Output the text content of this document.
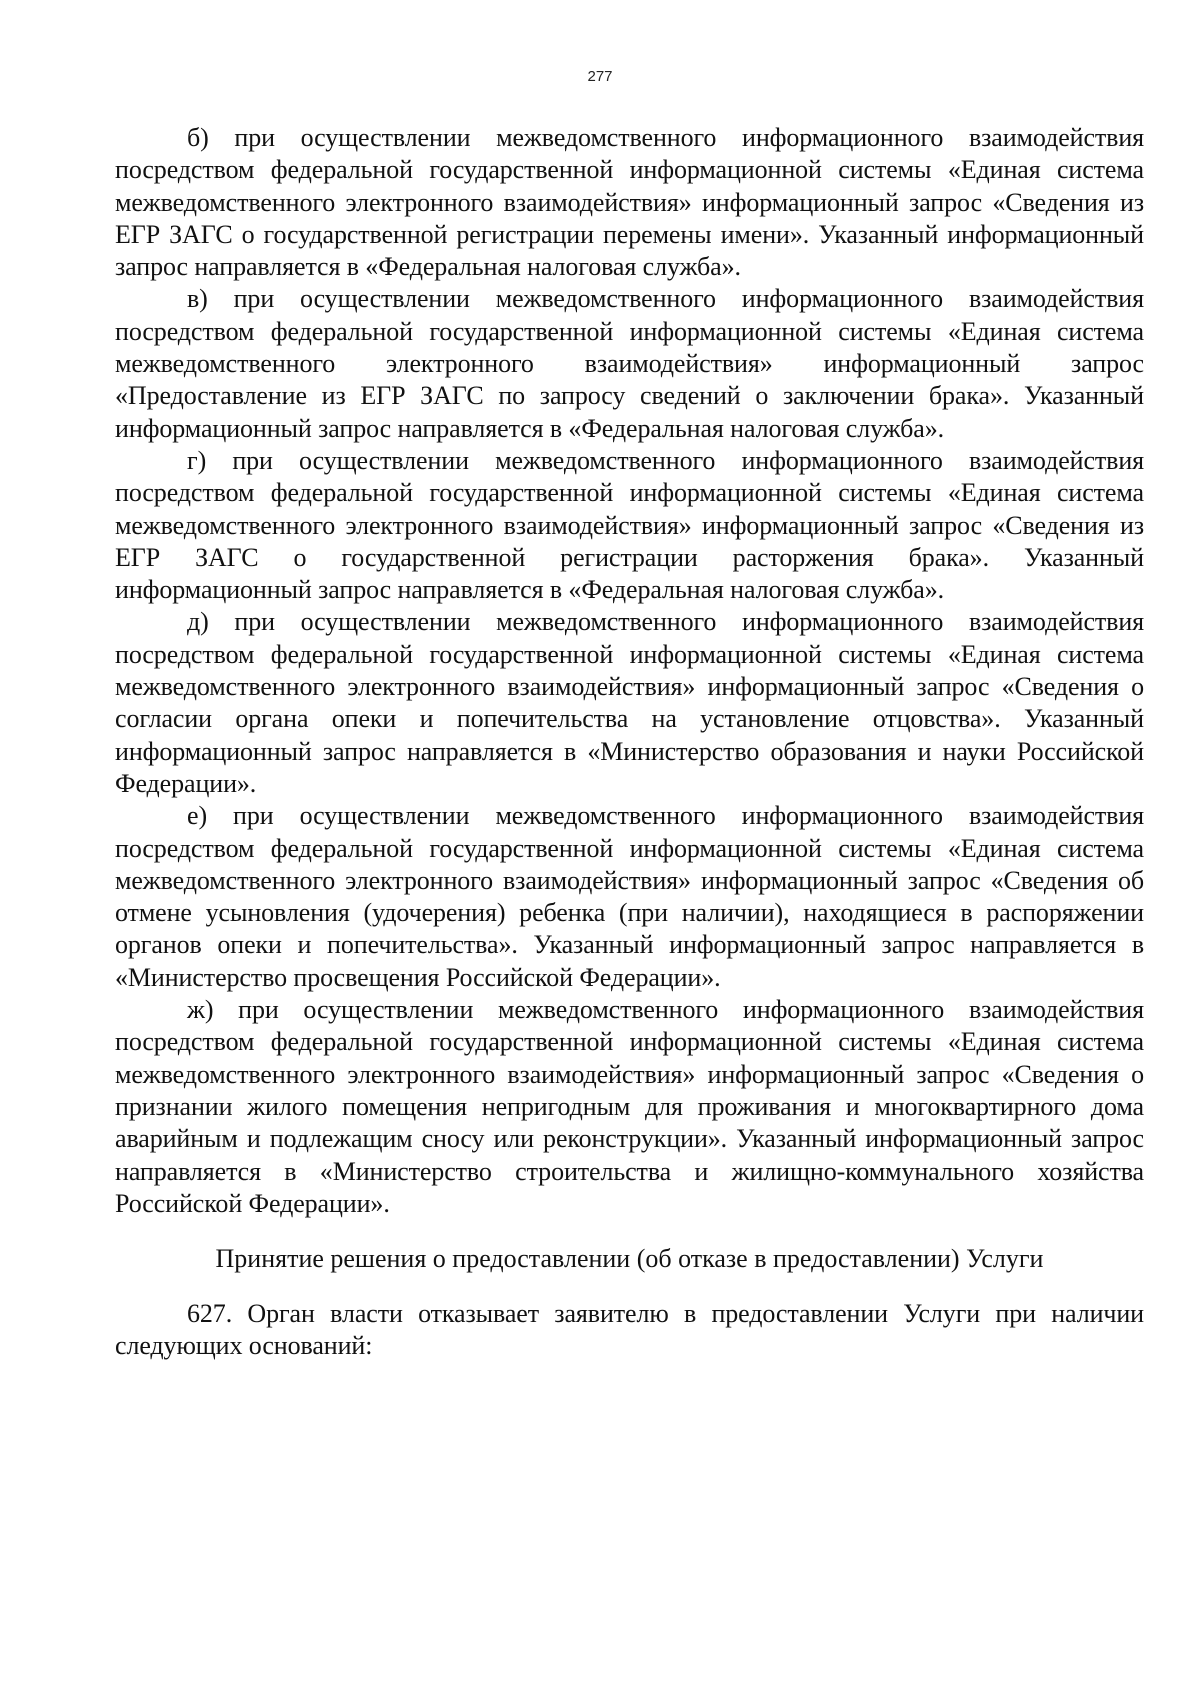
277

б) при осуществлении межведомственного информационного взаимодействия посредством федеральной государственной информационной системы «Единая система межведомственного электронного взаимодействия» информационный запрос «Сведения из ЕГР ЗАГС о государственной регистрации перемены имени». Указанный информационный запрос направляется в «Федеральная налоговая служба».

в) при осуществлении межведомственного информационного взаимодействия посредством федеральной государственной информационной системы «Единая система межведомственного электронного взаимодействия» информационный запрос «Предоставление из ЕГР ЗАГС по запросу сведений о заключении брака». Указанный информационный запрос направляется в «Федеральная налоговая служба».

г) при осуществлении межведомственного информационного взаимодействия посредством федеральной государственной информационной системы «Единая система межведомственного электронного взаимодействия» информационный запрос «Сведения из ЕГР ЗАГС о государственной регистрации расторжения брака». Указанный информационный запрос направляется в «Федеральная налоговая служба».

д) при осуществлении межведомственного информационного взаимодействия посредством федеральной государственной информационной системы «Единая система межведомственного электронного взаимодействия» информационный запрос «Сведения о согласии органа опеки и попечительства на установление отцовства». Указанный информационный запрос направляется в «Министерство образования и науки Российской Федерации».

е) при осуществлении межведомственного информационного взаимодействия посредством федеральной государственной информационной системы «Единая система межведомственного электронного взаимодействия» информационный запрос «Сведения об отмене усыновления (удочерения) ребенка (при наличии), находящиеся в распоряжении органов опеки и попечительства». Указанный информационный запрос направляется в «Министерство просвещения Российской Федерации».

ж) при осуществлении межведомственного информационного взаимодействия посредством федеральной государственной информационной системы «Единая система межведомственного электронного взаимодействия» информационный запрос «Сведения о признании жилого помещения непригодным для проживания и многоквартирного дома аварийным и подлежащим сносу или реконструкции». Указанный информационный запрос направляется в «Министерство строительства и жилищно-коммунального хозяйства Российской Федерации».

Принятие решения о предоставлении (об отказе в предоставлении) Услуги

627. Орган власти отказывает заявителю в предоставлении Услуги при наличии следующих оснований:
